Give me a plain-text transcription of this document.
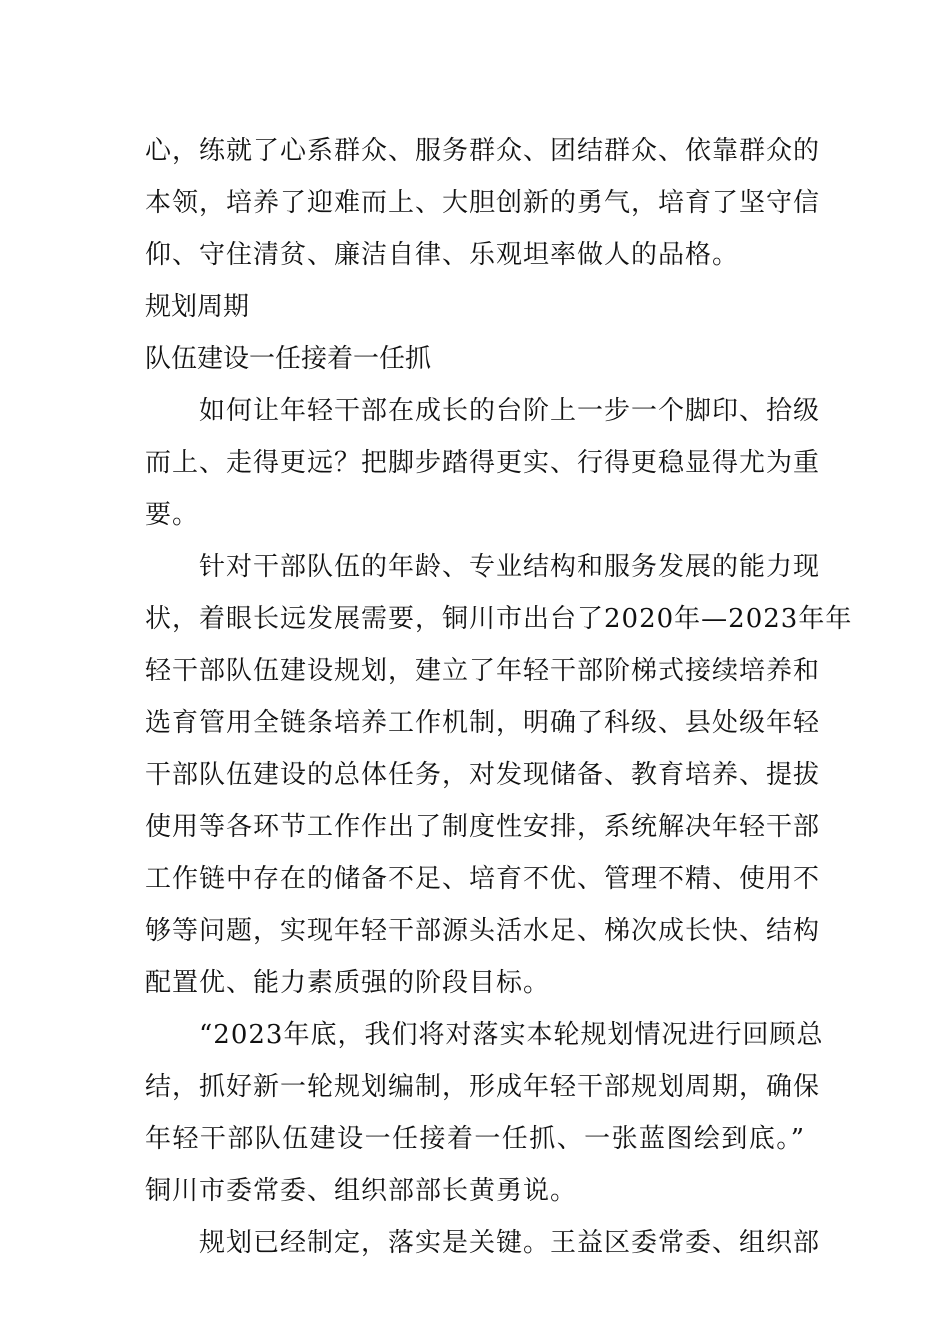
心，练就了心系群众、服务群众、团结群众、依靠群众的
本领，培养了迎难而上、大胆创新的勇气，培育了坚守信
仰、守住清贫、廉洁自律、乐观坦率做人的品格。
规划周期
队伍建设一任接着一任抓
　　如何让年轻干部在成长的台阶上一步一个脚印、拾级
而上、走得更远？把脚步踏得更实、行得更稳显得尤为重
要。
　　针对干部队伍的年龄、专业结构和服务发展的能力现
状，着眼长远发展需要，铜川市出台了2020年—2023年年
轻干部队伍建设规划，建立了年轻干部阶梯式接续培养和
选育管用全链条培养工作机制，明确了科级、县处级年轻
干部队伍建设的总体任务，对发现储备、教育培养、提拔
使用等各环节工作作出了制度性安排，系统解决年轻干部
工作链中存在的储备不足、培育不优、管理不精、使用不
够等问题，实现年轻干部源头活水足、梯次成长快、结构
配置优、能力素质强的阶段目标。
　　“2023年底，我们将对落实本轮规划情况进行回顾总
结，抓好新一轮规划编制，形成年轻干部规划周期，确保
年轻干部队伍建设一任接着一任抓、一张蓝图绘到底。”
铜川市委常委、组织部部长黄勇说。
　　规划已经制定，落实是关键。王益区委常委、组织部
